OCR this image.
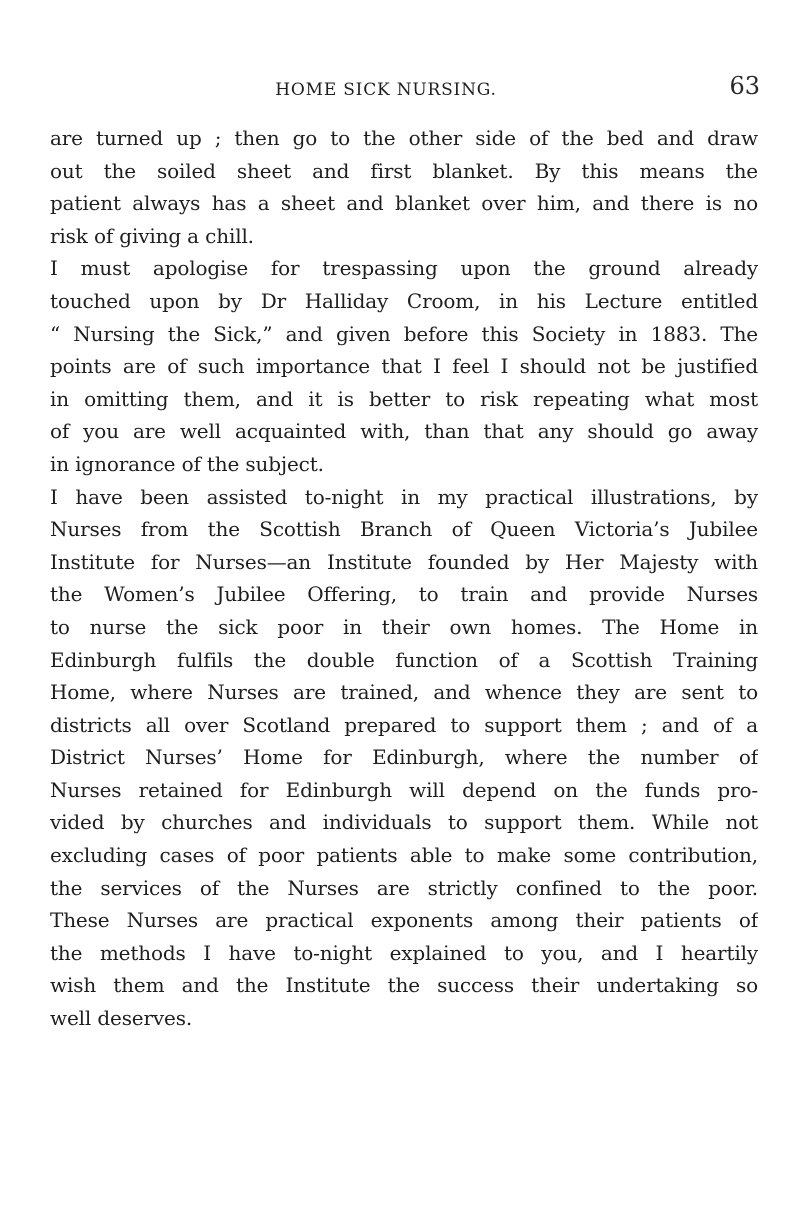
HOME SICK NURSING.	63
are turned up ; then go to the other side of the bed and draw
out the soiled sheet and first blanket. By this means the
patient always has a sheet and blanket over him, and there is no
risk of giving a chill.
I must apologise for trespassing upon the ground already
touched upon by Dr Halliday Croom, in his Lecture entitled
“ Nursing the Sick,” and given before this Society in 1883. The
points are of such importance that I feel I should not be justified
in omitting them, and it is better to risk repeating what most
of you are well acquainted with, than that any should go away
in ignorance of the subject.
I have been assisted to-night in my practical illustrations, by
Nurses from the Scottish Branch of Queen Victoria’s Jubilee
Institute for Nurses—an Institute founded by Her Majesty with
the Women’s Jubilee Offering, to train and provide Nurses
to nurse the sick poor in their own homes. The Home in
Edinburgh fulfils the double function of a Scottish Training
Home, where Nurses are trained, and whence they are sent to
districts all over Scotland prepared to support them ; and of a
District Nurses’ Home for Edinburgh, where the number of
Nurses retained for Edinburgh will depend on the funds pro-
vided by churches and individuals to support them. While not
excluding cases of poor patients able to make some contribution,
the services of the Nurses are strictly confined to the poor.
These Nurses are practical exponents among their patients of
the methods I have to-night explained to you, and I heartily
wish them and the Institute the success their undertaking so
well deserves.
